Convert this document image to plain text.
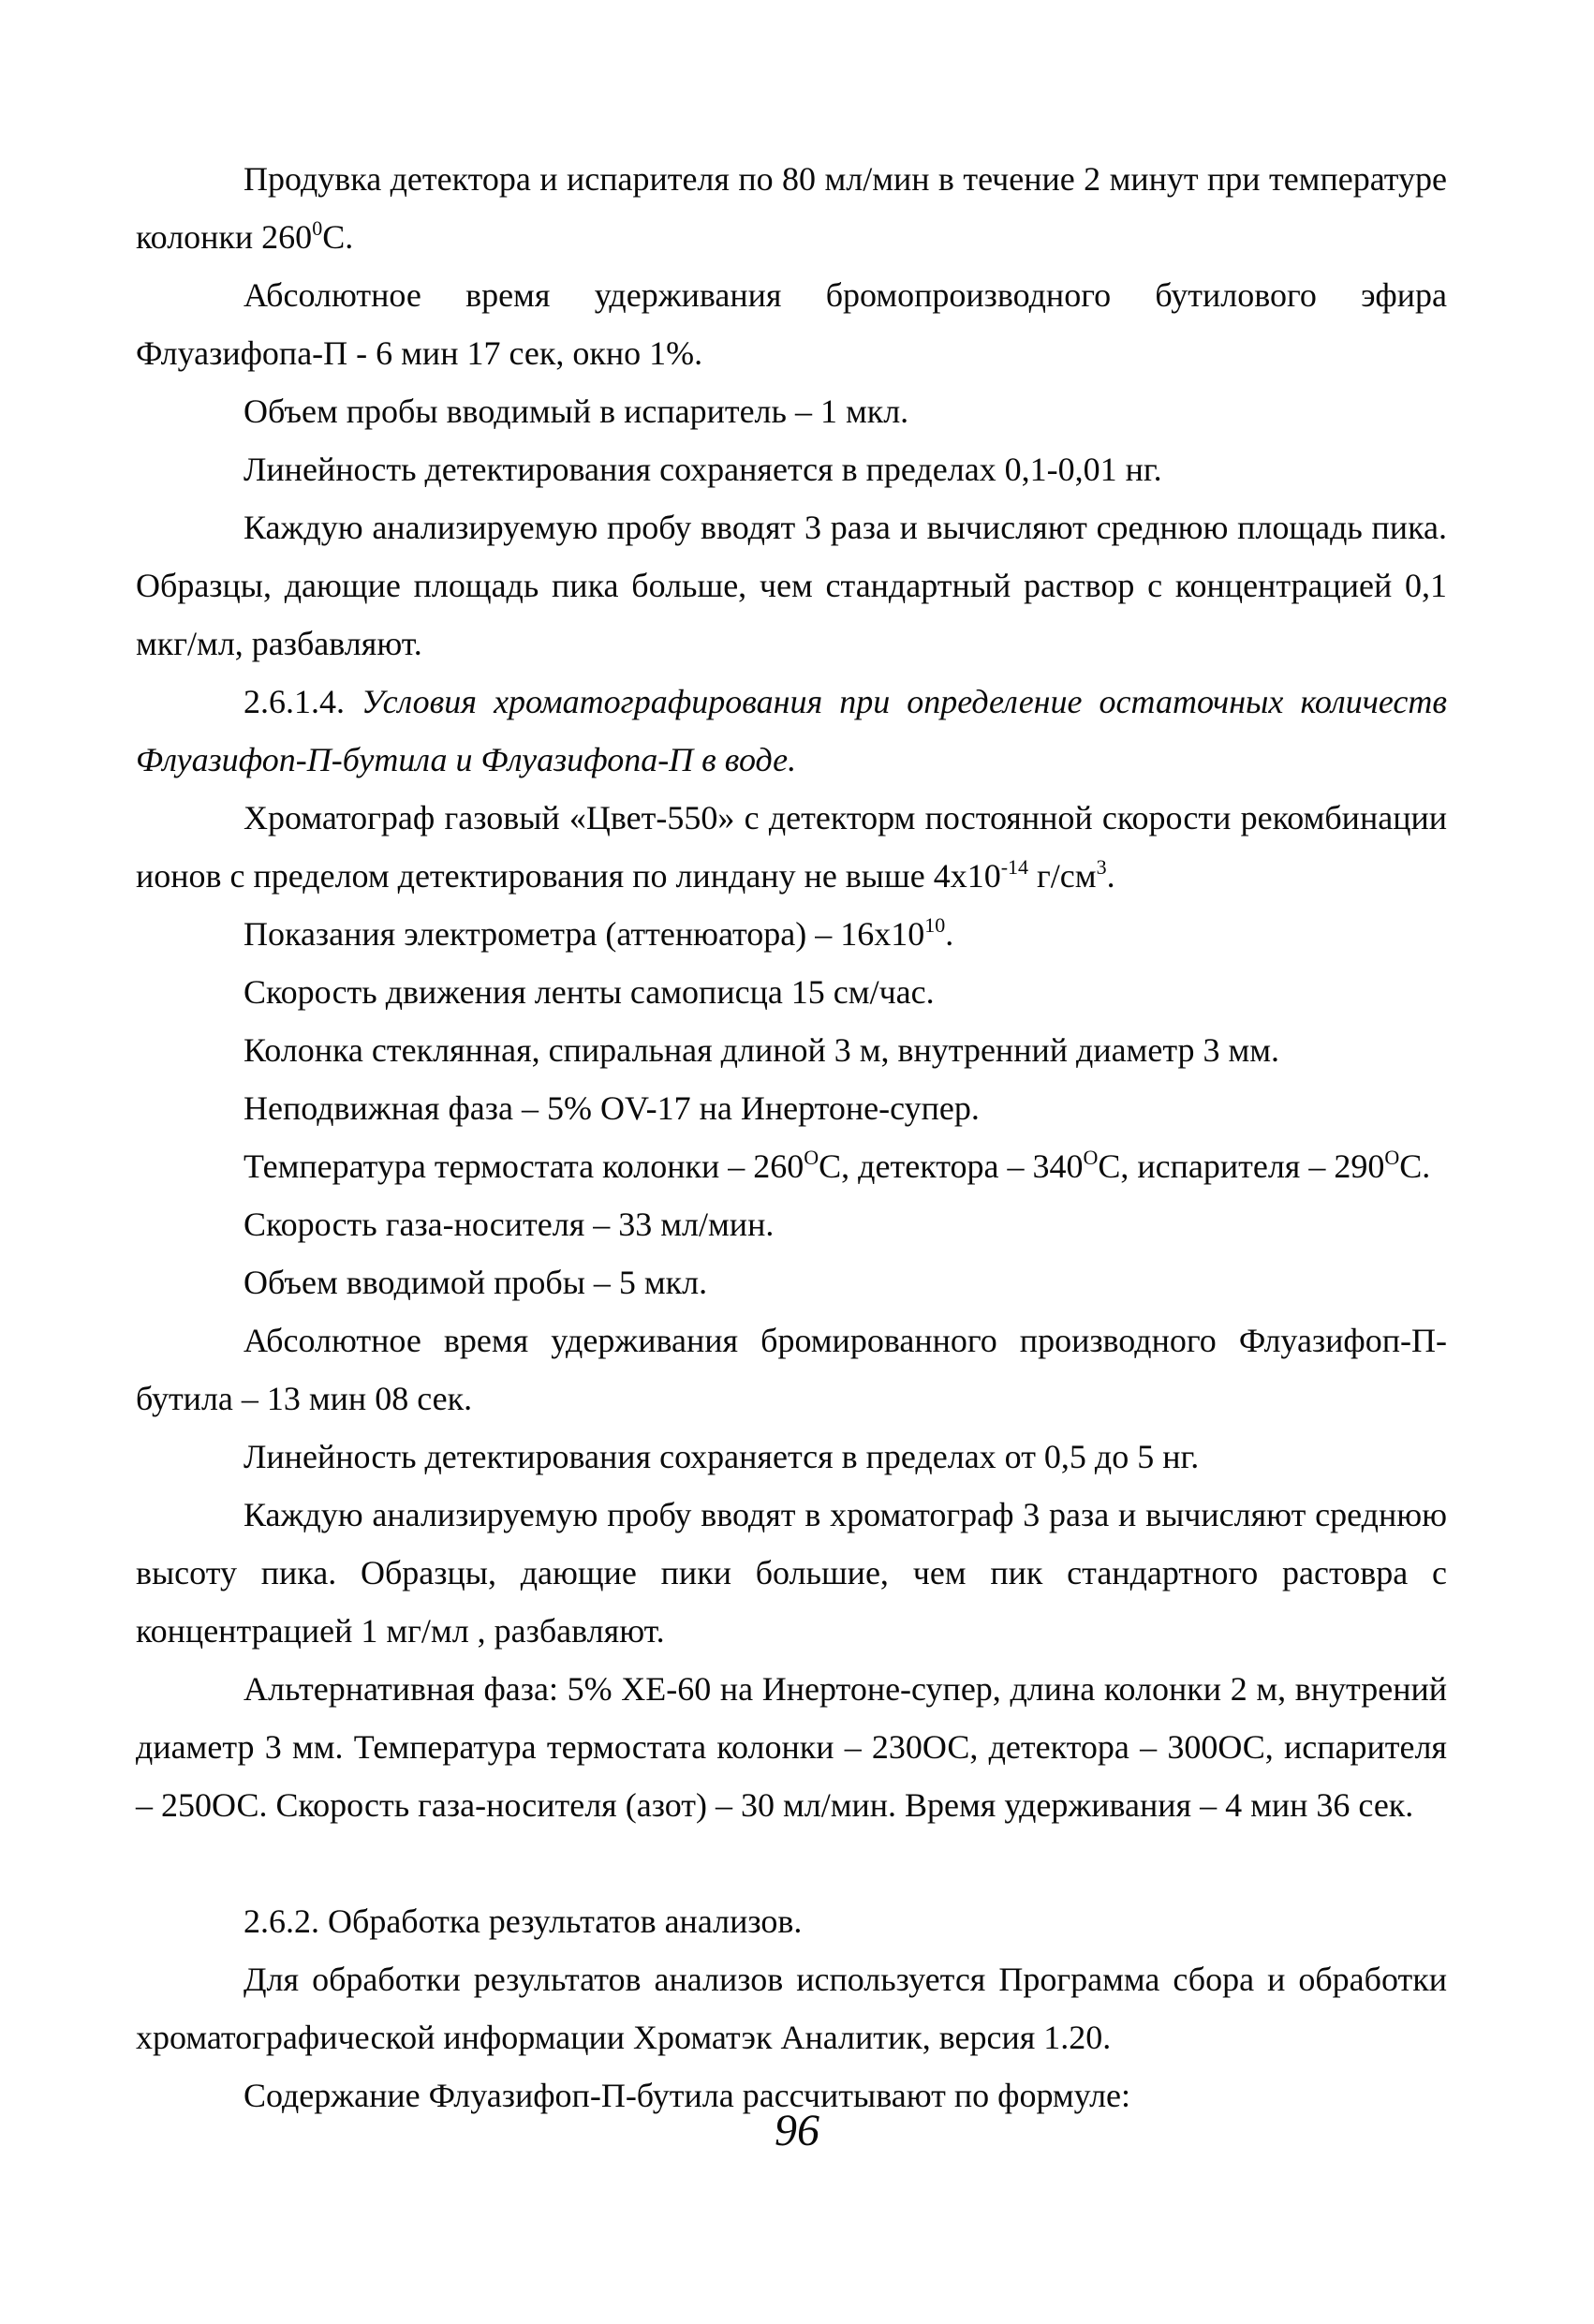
Продувка детектора и испарителя по 80 мл/мин в течение 2 минут при температуре колонки $260^0С$.

Абсолютное время удерживания бромопроизводного бутилового эфира Флуазифопа-П - 6 мин 17 сек, окно 1%.

Объем пробы вводимый в испаритель – 1 мкл.

Линейность детектирования сохраняется в пределах 0,1-0,01 нг.

Каждую анализируемую пробу вводят 3 раза и вычисляют среднюю площадь пика. Образцы, дающие площадь пика больше, чем стандартный раствор с концентрацией 0,1 мкг/мл, разбавляют.

2.6.1.4. Условия хроматографирования при определение остаточных количеств Флуазифоп-П-бутила и Флуазифопа-П в воде.

Хроматограф газовый «Цвет-550» с детекторм постоянной скорости рекомбинации ионов с пределом детектирования по линдану не выше $4х10^{-14}$ $г/см^3$.

Показания электрометра (аттенюатора) – $16х10^{10}$.

Скорость движения ленты самописца 15 см/час.

Колонка стеклянная, спиральная длиной 3 м, внутренний диаметр 3 мм.

Неподвижная фаза – 5% OV-17 на Инертоне-супер.

Температура термостата колонки – $260^OС$, детектора – $340^OС$, испарителя – $290^OС$.

Скорость газа-носителя – 33 мл/мин.

Объем вводимой пробы – 5 мкл.

Абсолютное время удерживания бромированного производного Флуазифоп-П-бутила – 13 мин 08 сек.

Линейность детектирования сохраняется в пределах от 0,5 до 5 нг.

Каждую анализируемую пробу вводят в хроматограф 3 раза и вычисляют среднюю высоту пика. Образцы, дающие пики большие, чем пик стандартного растовра с концентрацией 1 мг/мл , разбавляют.

Альтернативная фаза: 5% ХЕ-60 на Инертоне-супер, длина колонки 2 м, внутрений диаметр 3 мм. Температура термостата колонки – 230ОС, детектора – 300ОС, испарителя – 250ОС. Скорость газа-носителя (азот) – 30 мл/мин. Время удерживания – 4 мин 36 сек.

2.6.2. Обработка результатов анализов.

Для обработки результатов анализов используется Программа сбора и обработки хроматографической информации Хроматэк Аналитик, версия 1.20.

Содержание Флуазифоп-П-бутила рассчитывают по формуле:

96
